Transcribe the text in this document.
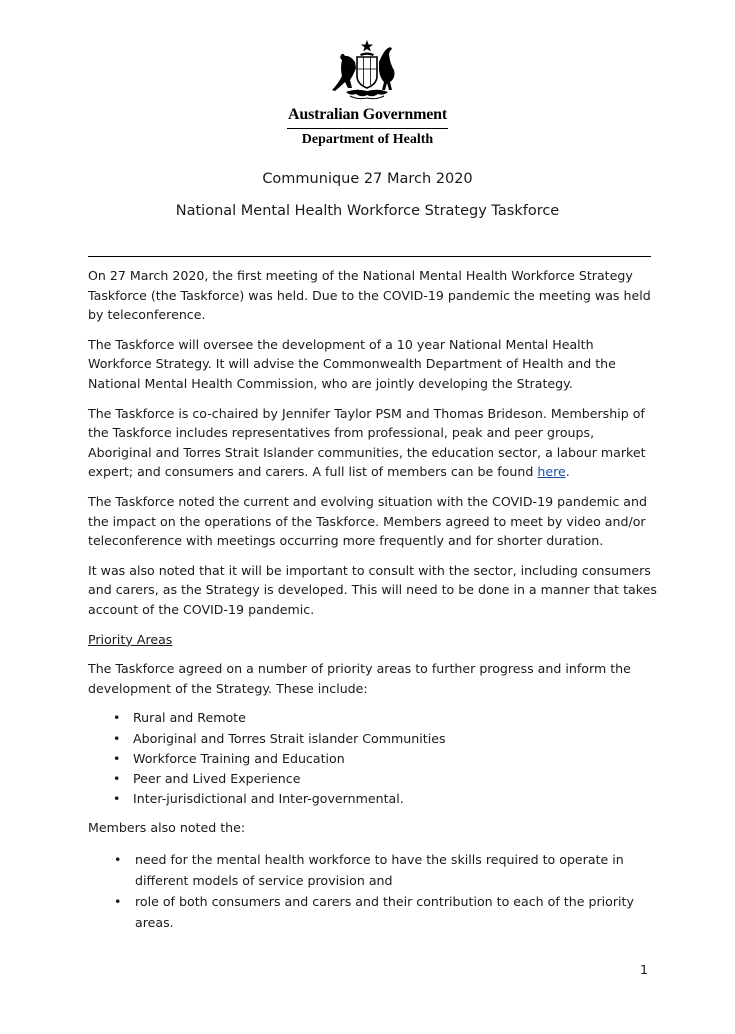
Australian Government
Department of Health
Communique 27 March 2020
National Mental Health Workforce Strategy Taskforce

On 27 March 2020, the first meeting of the National Mental Health Workforce Strategy Taskforce (the Taskforce) was held. Due to the COVID-19 pandemic the meeting was held by teleconference.

The Taskforce will oversee the development of a 10 year National Mental Health Workforce Strategy. It will advise the Commonwealth Department of Health and the National Mental Health Commission, who are jointly developing the Strategy.

The Taskforce is co-chaired by Jennifer Taylor PSM and Thomas Brideson. Membership of the Taskforce includes representatives from professional, peak and peer groups, Aboriginal and Torres Strait Islander communities, the education sector, a labour market expert; and consumers and carers. A full list of members can be found here.

The Taskforce noted the current and evolving situation with the COVID-19 pandemic and the impact on the operations of the Taskforce. Members agreed to meet by video and/or teleconference with meetings occurring more frequently and for shorter duration.

It was also noted that it will be important to consult with the sector, including consumers and carers, as the Strategy is developed. This will need to be done in a manner that takes account of the COVID-19 pandemic.

Priority Areas

The Taskforce agreed on a number of priority areas to further progress and inform the development of the Strategy. These include:

• Rural and Remote
• Aboriginal and Torres Strait islander Communities
• Workforce Training and Education
• Peer and Lived Experience
• Inter-jurisdictional and Inter-governmental.

Members also noted the:

• need for the mental health workforce to have the skills required to operate in different models of service provision and
• role of both consumers and carers and their contribution to each of the priority areas.
1
